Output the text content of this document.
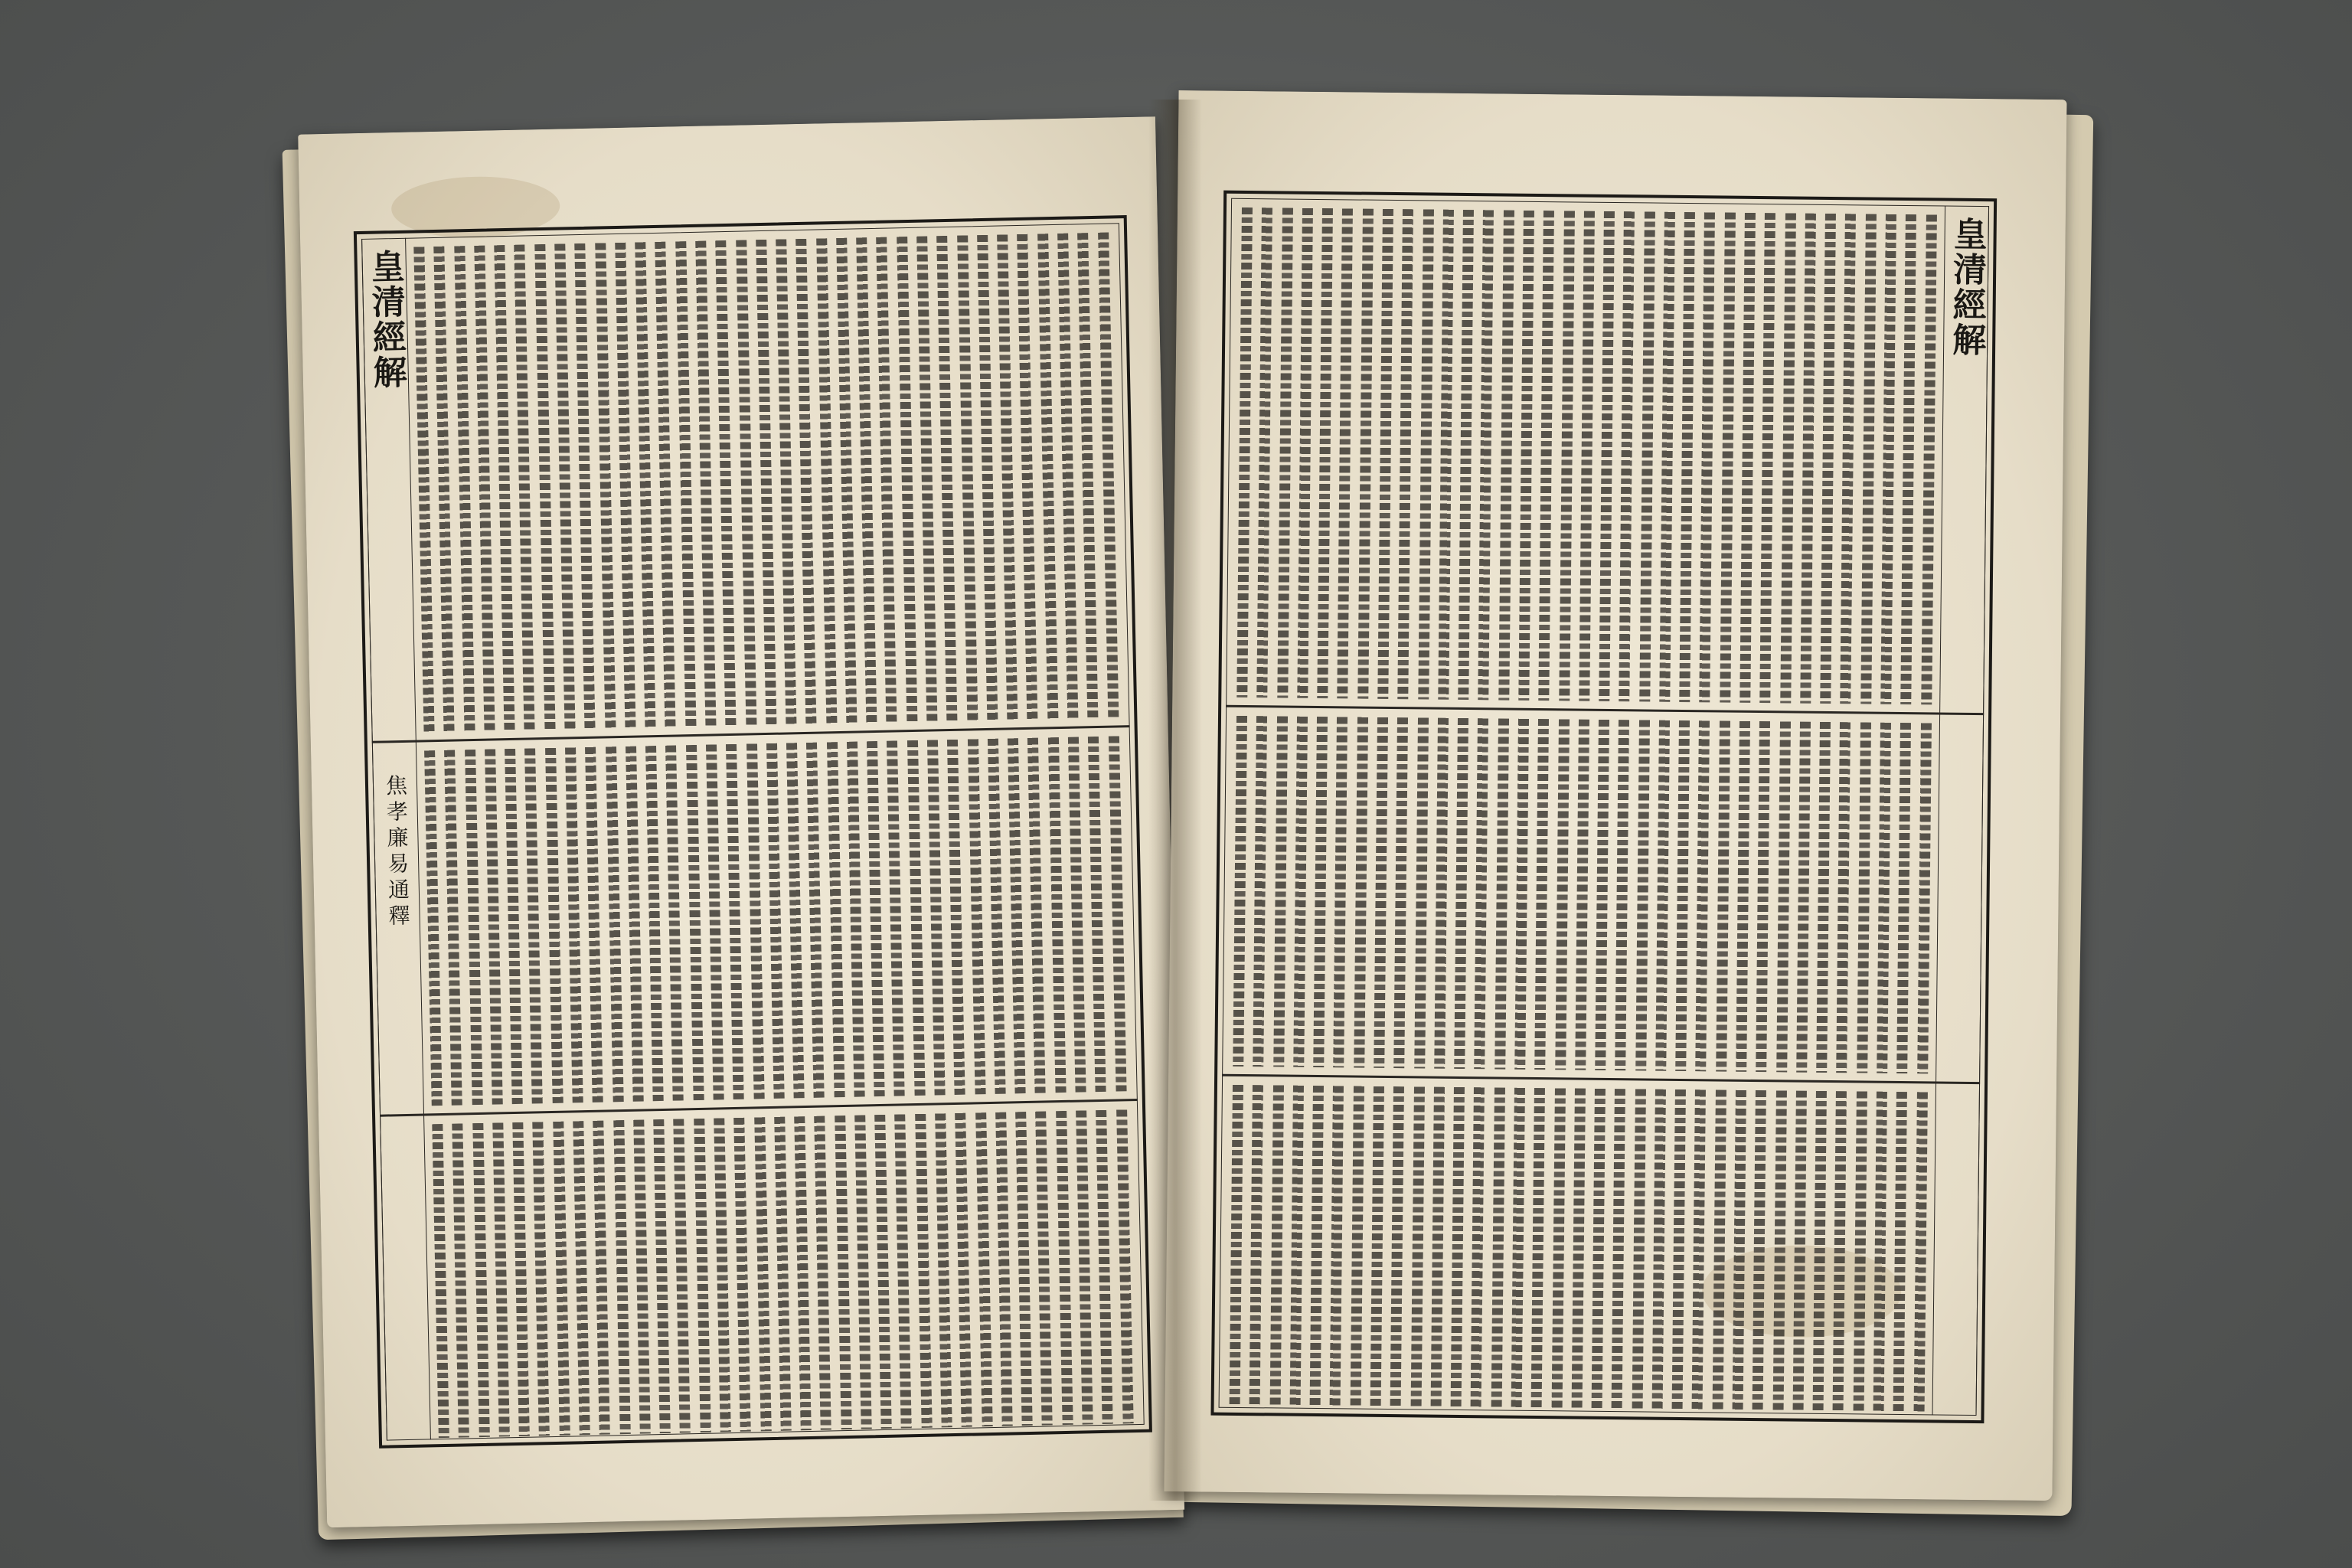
皇清經解
焦孝廉易通釋
皇清經解
